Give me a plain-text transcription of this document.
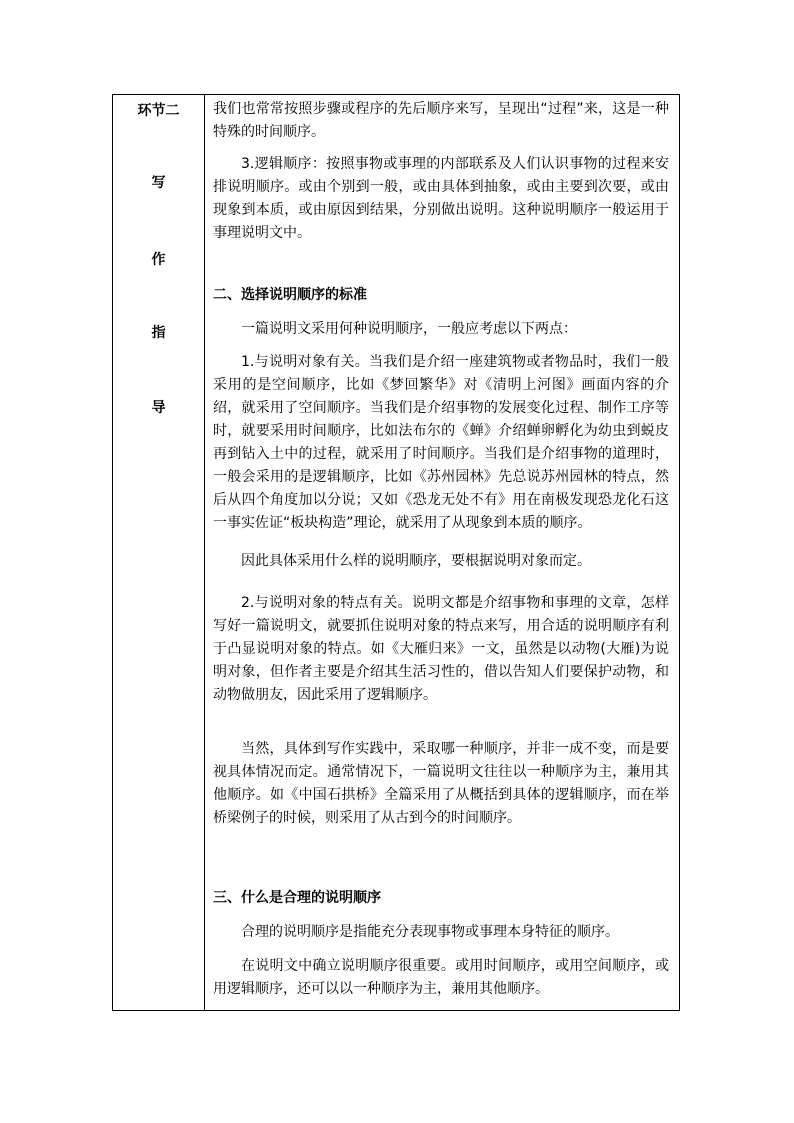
环节二
写
作
指
导

我们也常常按照步骤或程序的先后顺序来写，呈现出“过程”来，这是一种特殊的时间顺序。

3.逻辑顺序：按照事物或事理的内部联系及人们认识事物的过程来安排说明顺序。或由个别到一般，或由具体到抽象，或由主要到次要，或由现象到本质，或由原因到结果，分别做出说明。这种说明顺序一般运用于事理说明文中。

二、选择说明顺序的标准

一篇说明文采用何种说明顺序，一般应考虑以下两点：

1.与说明对象有关。当我们是介绍一座建筑物或者物品时，我们一般采用的是空间顺序，比如《梦回繁华》对《清明上河图》画面内容的介绍，就采用了空间顺序。当我们是介绍事物的发展变化过程、制作工序等时，就要采用时间顺序，比如法布尔的《蝉》介绍蝉卵孵化为幼虫到蜕皮再到钻入土中的过程，就采用了时间顺序。当我们是介绍事物的道理时，一般会采用的是逻辑顺序，比如《苏州园林》先总说苏州园林的特点，然后从四个角度加以分说；又如《恐龙无处不有》用在南极发现恐龙化石这一事实佐证“板块构造”理论，就采用了从现象到本质的顺序。

因此具体采用什么样的说明顺序，要根据说明对象而定。

2.与说明对象的特点有关。说明文都是介绍事物和事理的文章，怎样写好一篇说明文，就要抓住说明对象的特点来写，用合适的说明顺序有利于凸显说明对象的特点。如《大雁归来》一文，虽然是以动物(大雁)为说明对象，但作者主要是介绍其生活习性的，借以告知人们要保护动物，和动物做朋友，因此采用了逻辑顺序。

当然，具体到写作实践中，采取哪一种顺序，并非一成不变，而是要视具体情况而定。通常情况下，一篇说明文往往以一种顺序为主，兼用其他顺序。如《中国石拱桥》全篇采用了从概括到具体的逻辑顺序，而在举桥梁例子的时候，则采用了从古到今的时间顺序。

三、什么是合理的说明顺序

合理的说明顺序是指能充分表现事物或事理本身特征的顺序。

在说明文中确立说明顺序很重要。或用时间顺序，或用空间顺序，或用逻辑顺序，还可以以一种顺序为主，兼用其他顺序。
